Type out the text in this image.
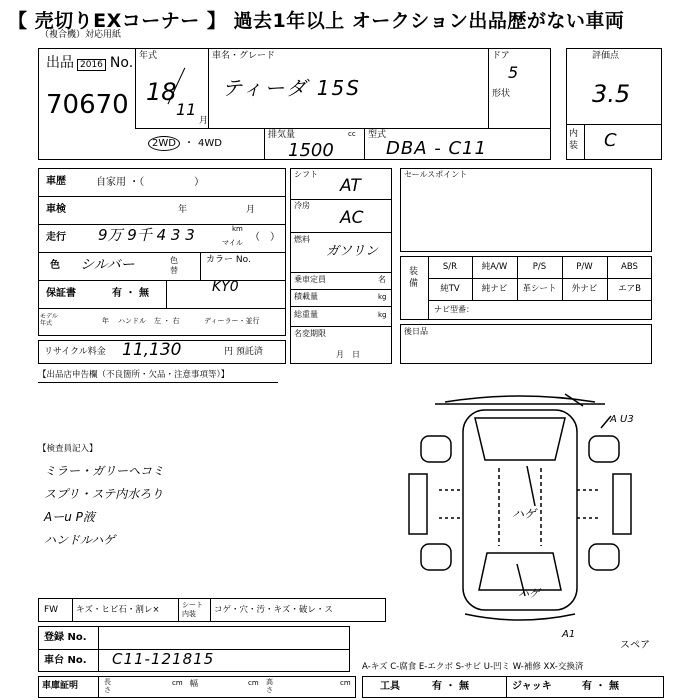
【 売切りEXコーナー 】 過去1年以上 オークション出品歴がない車両
（複合機）対応用紙
出品 2016 No.
70670
年式
18
11
月
車名・グレード
ティーダ 15S
ドア
5
形状
2WD ・ 4WD
排気量	cc
1500
型式
DBA - C11
評価点
3.5
内装 C
車歴	自家用 ・（　　　　　）
車検	年	月
走行 9万 9千 4 3 3	km
マイル （　）
色 シルバー	色替
カラー No.
KY0
保証書	有 ・ 無
モデル年式	年 ハンドル 左 ・ 右	ディーラー・並行
リサイクル料金 11,130	円 預託済
シフト
AT
冷房
AC
燃料
ガソリン
乗車定員	名
積載量	kg
総重量	kg
名変期限
月　日
セールスポイント
装備
S/R	純A/W	P/S	P/W	ABS
純TV	純ナビ	革シート	外ナビ	エアB
ナビ型番：
後日品
【出品店申告欄（不良箇所・欠品・注意事項等）】
【検査員記入】
ミラー・ガリーヘコミ
スプリ・ステ内水ろり
Aーu P液
ハンドルハゲ
A U3
ハゲ
ハゲ
A1
スペア
A-キズ C-腐食 E-エクボ S-サビ U-凹ミ W-補修 XX-交換済
FW キズ・ヒビ石・割レ×	シート内装	コゲ・穴・汚・キズ・破レ・ス
登録 No.
車台 No. C11-121815
車庫証明	長さ
cm 幅	cm 高さ
cm	工具	有 ・ 無	ジャッキ	有 ・ 無
